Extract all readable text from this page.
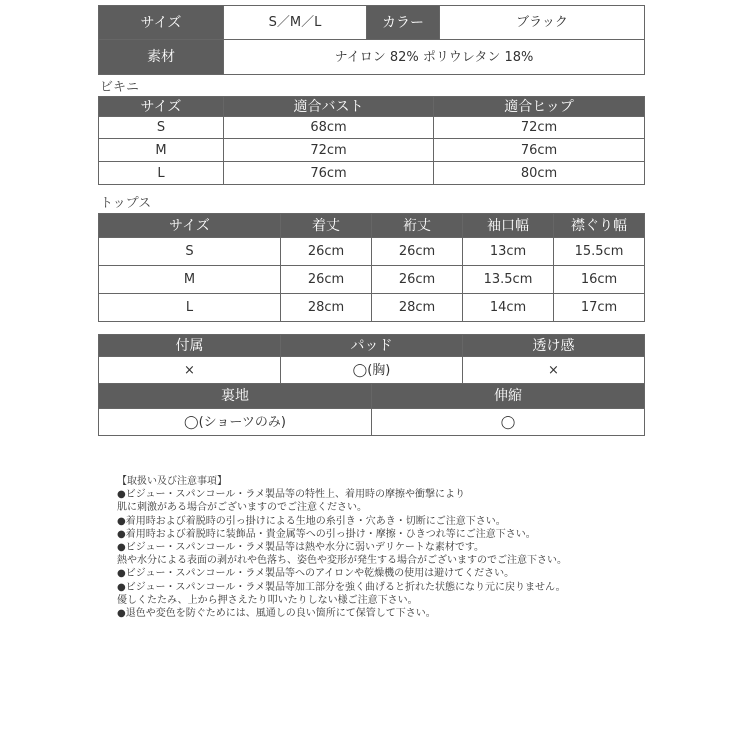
サイズ	S／M／L	カラー	ブラック
素材	ナイロン 82% ポリウレタン 18%		
ビキニ
サイズ	適合バスト	適合ヒップ
S	68cm	72cm
M	72cm	76cm
L	76cm	80cm
トップス
サイズ	着丈	裄丈	袖口幅	襟ぐり幅
S	26cm	26cm	13cm	15.5cm
M	26cm	26cm	13.5cm	16cm
L	28cm	28cm	14cm	17cm
付属	パッド	透け感
×	◯(胸)	×
裏地	伸縮
◯(ショーツのみ)	◯
【取扱い及び注意事項】
●ビジュー・スパンコール・ラメ製品等の特性上、着用時の摩擦や衝撃により
肌に刺激がある場合がございますのでご注意ください。
●着用時および着脱時の引っ掛けによる生地の糸引き・穴あき・切断にご注意下さい。
●着用時および着脱時に装飾品・貴金属等への引っ掛け・摩擦・ひきつれ等にご注意下さい。
●ビジュー・スパンコール・ラメ製品等は熱や水分に弱いデリケートな素材です。
熱や水分による表面の剥がれや色落ち、姿色や変形が発生する場合がございますのでご注意下さい。
●ビジュー・スパンコール・ラメ製品等へのアイロンや乾燥機の使用は避けてください。
●ビジュー・スパンコール・ラメ製品等加工部分を強く曲げると折れた状態になり元に戻りません。
優しくたたみ、上から押さえたり叩いたりしない様ご注意下さい。
●退色や変色を防ぐためには、風通しの良い箇所にて保管して下さい。
